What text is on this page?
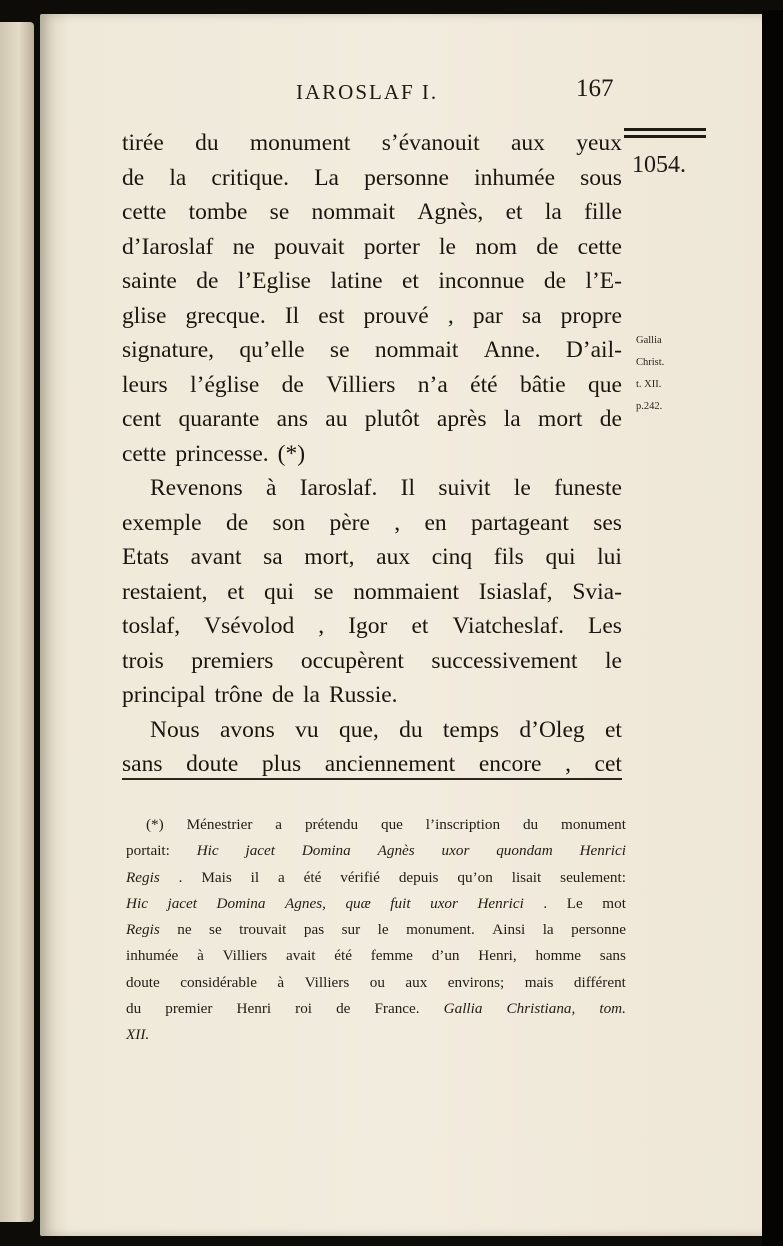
IAROSLAF I.	167
1054.
Gallia
Christ.
t. XII.
p.242.
tirée du monument s’évanouit aux yeux
de la critique. La personne inhumée sous
cette tombe se nommait Agnès, et la fille
d’Iaroslaf ne pouvait porter le nom de cette
sainte de l’Eglise latine et inconnue de l’E-
glise grecque. Il est prouvé , par sa propre
signature, qu’elle se nommait Anne. D’ail-
leurs l’église de Villiers n’a été bâtie que
cent quarante ans au plutôt après la mort de
cette princesse. (*)
Revenons à Iaroslaf. Il suivit le funeste
exemple de son père , en partageant ses
Etats avant sa mort, aux cinq fils qui lui
restaient, et qui se nommaient Isiaslaf, Svia-
toslaf, Vsévolod , Igor et Viatcheslaf. Les
trois premiers occupèrent successivement le
principal trône de la Russie.
Nous avons vu que, du temps d’Oleg et
sans doute plus anciennement encore , cet
(*) Ménestrier a prétendu que l’inscription du monument
portait: Hic jacet Domina Agnès uxor quondam Henrici
Regis . Mais il a été vérifié depuis qu’on lisait seulement:
Hic jacet Domina Agnes, quæ fuit uxor Henrici . Le mot
Regis ne se trouvait pas sur le monument. Ainsi la personne
inhumée à Villiers avait été femme d’un Henri, homme sans
doute considérable à Villiers ou aux environs; mais différent
du premier Henri roi de France. Gallia Christiana, tom.
XII.
